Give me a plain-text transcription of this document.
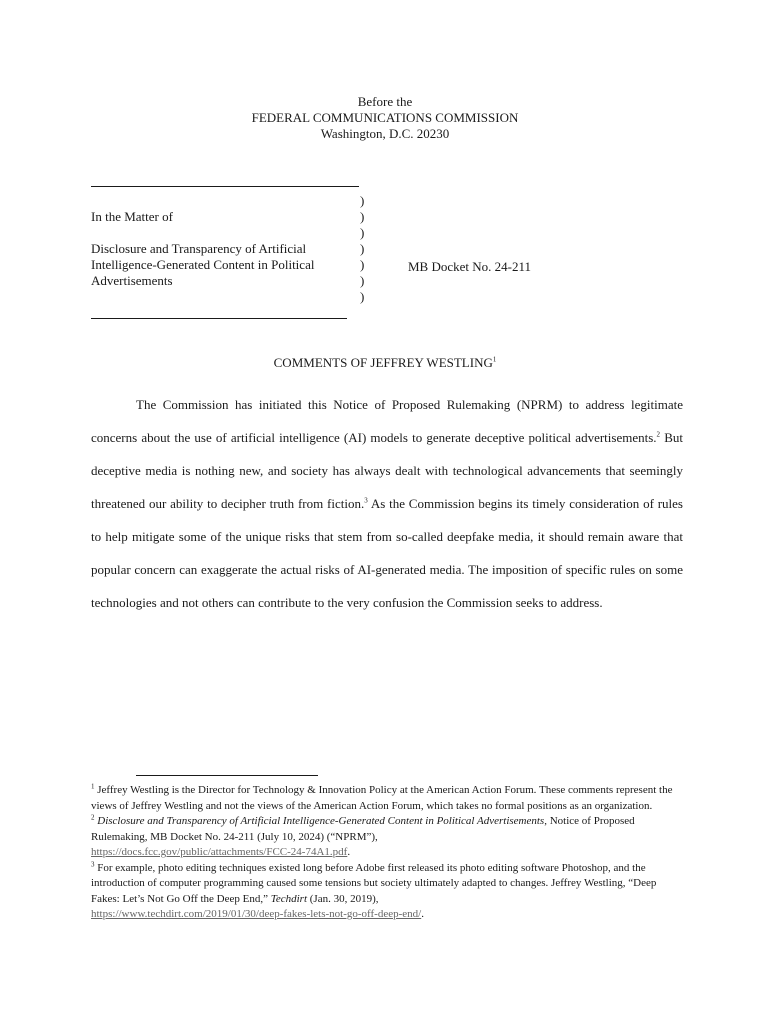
Before the
FEDERAL COMMUNICATIONS COMMISSION
Washington, D.C. 20230
)
)
)
)
)
)
)
In the Matter of
Disclosure and Transparency of Artificial
Intelligence-Generated Content in Political
Advertisements
MB Docket No. 24-211
COMMENTS OF JEFFREY WESTLING$^1$

The Commission has initiated this Notice of Proposed Rulemaking (NPRM) to address legitimate concerns about the use of artificial intelligence (AI) models to generate deceptive political advertisements.$^2$ But deceptive media is nothing new, and society has always dealt with technological advancements that seemingly threatened our ability to decipher truth from fiction.$^3$ As the Commission begins its timely consideration of rules to help mitigate some of the unique risks that stem from so-called deepfake media, it should remain aware that popular concern can exaggerate the actual risks of AI-generated media. The imposition of specific rules on some technologies and not others can contribute to the very confusion the Commission seeks to address.

$^1$ Jeffrey Westling is the Director for Technology & Innovation Policy at the American Action Forum. These comments represent the views of Jeffrey Westling and not the views of the American Action Forum, which takes no formal positions as an organization.

$^2$ Disclosure and Transparency of Artificial Intelligence-Generated Content in Political Advertisements, Notice of Proposed Rulemaking, MB Docket No. 24-211 (July 10, 2024) (“NPRM”),
https://docs.fcc.gov/public/attachments/FCC-24-74A1.pdf.

$^3$ For example, photo editing techniques existed long before Adobe first released its photo editing software Photoshop, and the introduction of computer programming caused some tensions but society ultimately adapted to changes. Jeffrey Westling, “Deep Fakes: Let’s Not Go Off the Deep End,” Techdirt (Jan. 30, 2019),
https://www.techdirt.com/2019/01/30/deep-fakes-lets-not-go-off-deep-end/.
